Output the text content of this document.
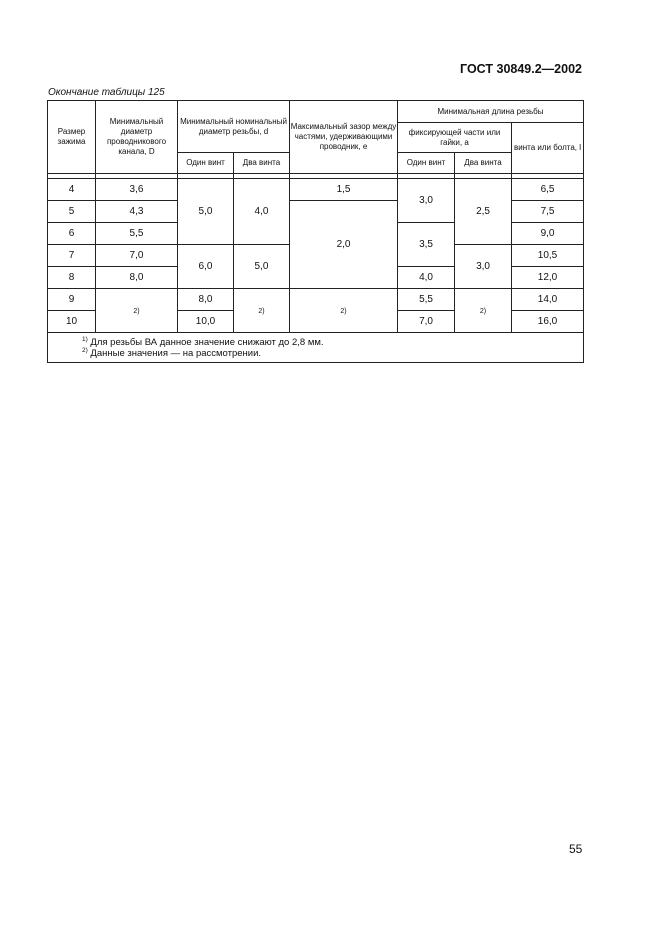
ГОСТ 30849.2—2002
Окончание таблицы 125
Размер зажима	Минимальный диаметр проводникового канала, D	Минимальный номинальный диаметр резьбы, d		Максимальный зазор между частями, удерживающими проводник, e	Минимальная длина резьбы		
					фиксирующей части или гайки, a		винта или болта, l
		Один винт	Два винта		Один винт	Два винта	

4	3,6	5,0	4,0	1,5	3,0	2,5	6,5
5	4,3			2,0			7,5
6	5,5				3,5		9,0
7	7,0	6,0	5,0			3,0	10,5
8	8,0				4,0		12,0
9	2)	8,0	2)	2)	5,5	2)	14,0
10		10,0			7,0		16,0

$^{1)}$ Для резьбы ВА данное значение снижают до 2,8 мм.
$^{2)}$ Данные значения — на рассмотрении.							
55
